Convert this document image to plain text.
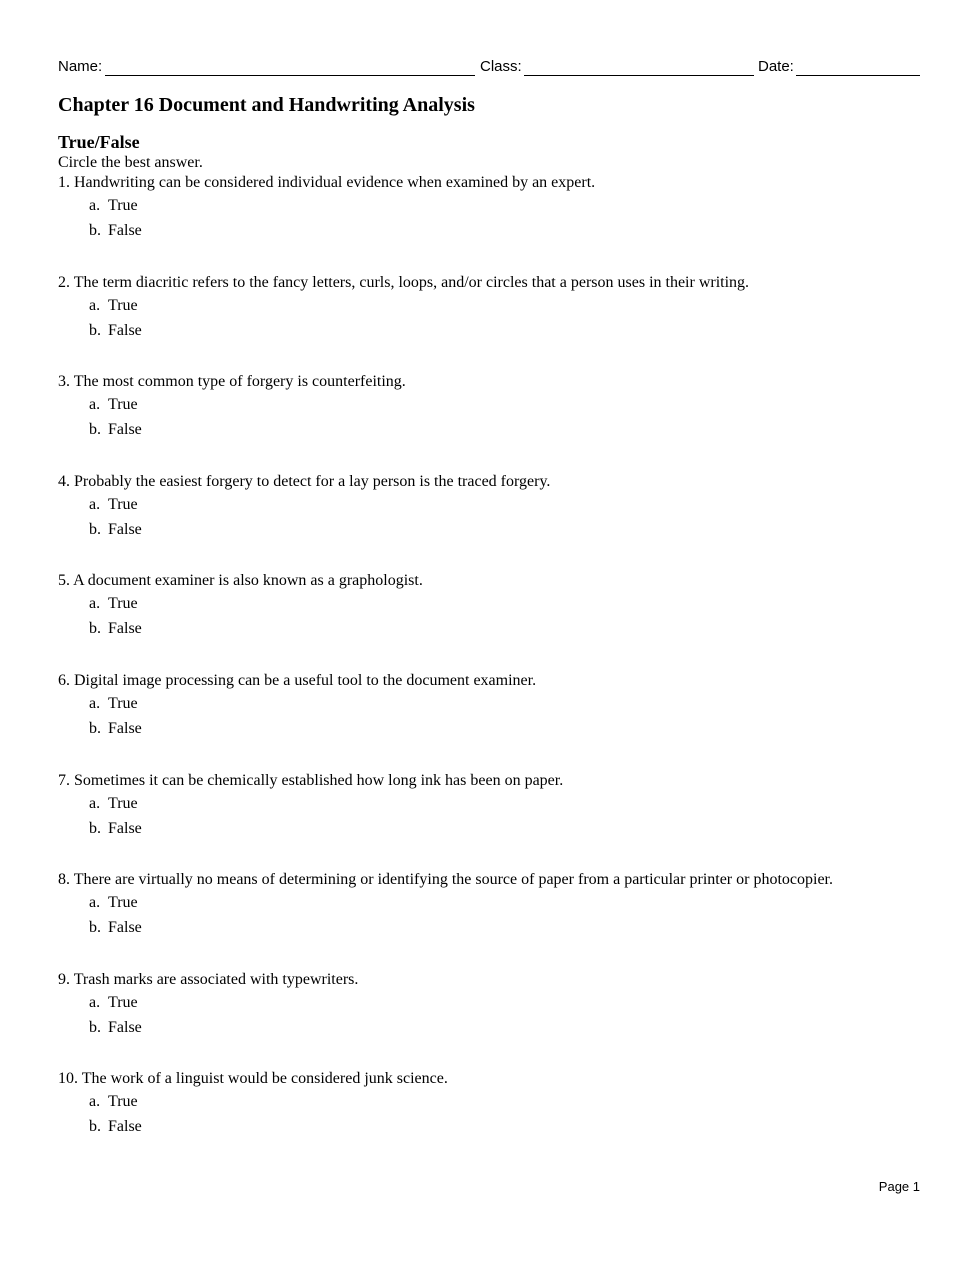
Name:	Class:	Date:
Chapter 16 Document and Handwriting Analysis
True/False
Circle the best answer.
1. Handwriting can be considered individual evidence when examined by an expert.
a. True
b. False
2. The term diacritic refers to the fancy letters, curls, loops, and/or circles that a person uses in their writing.
a. True
b. False
3. The most common type of forgery is counterfeiting.
a. True
b. False
4. Probably the easiest forgery to detect for a lay person is the traced forgery.
a. True
b. False
5. A document examiner is also known as a graphologist.
a. True
b. False
6. Digital image processing can be a useful tool to the document examiner.
a. True
b. False
7. Sometimes it can be chemically established how long ink has been on paper.
a. True
b. False
8. There are virtually no means of determining or identifying the source of paper from a particular printer or photocopier.
a. True
b. False
9. Trash marks are associated with typewriters.
a. True
b. False
10. The work of a linguist would be considered junk science.
a. True
b. False
Page 1
